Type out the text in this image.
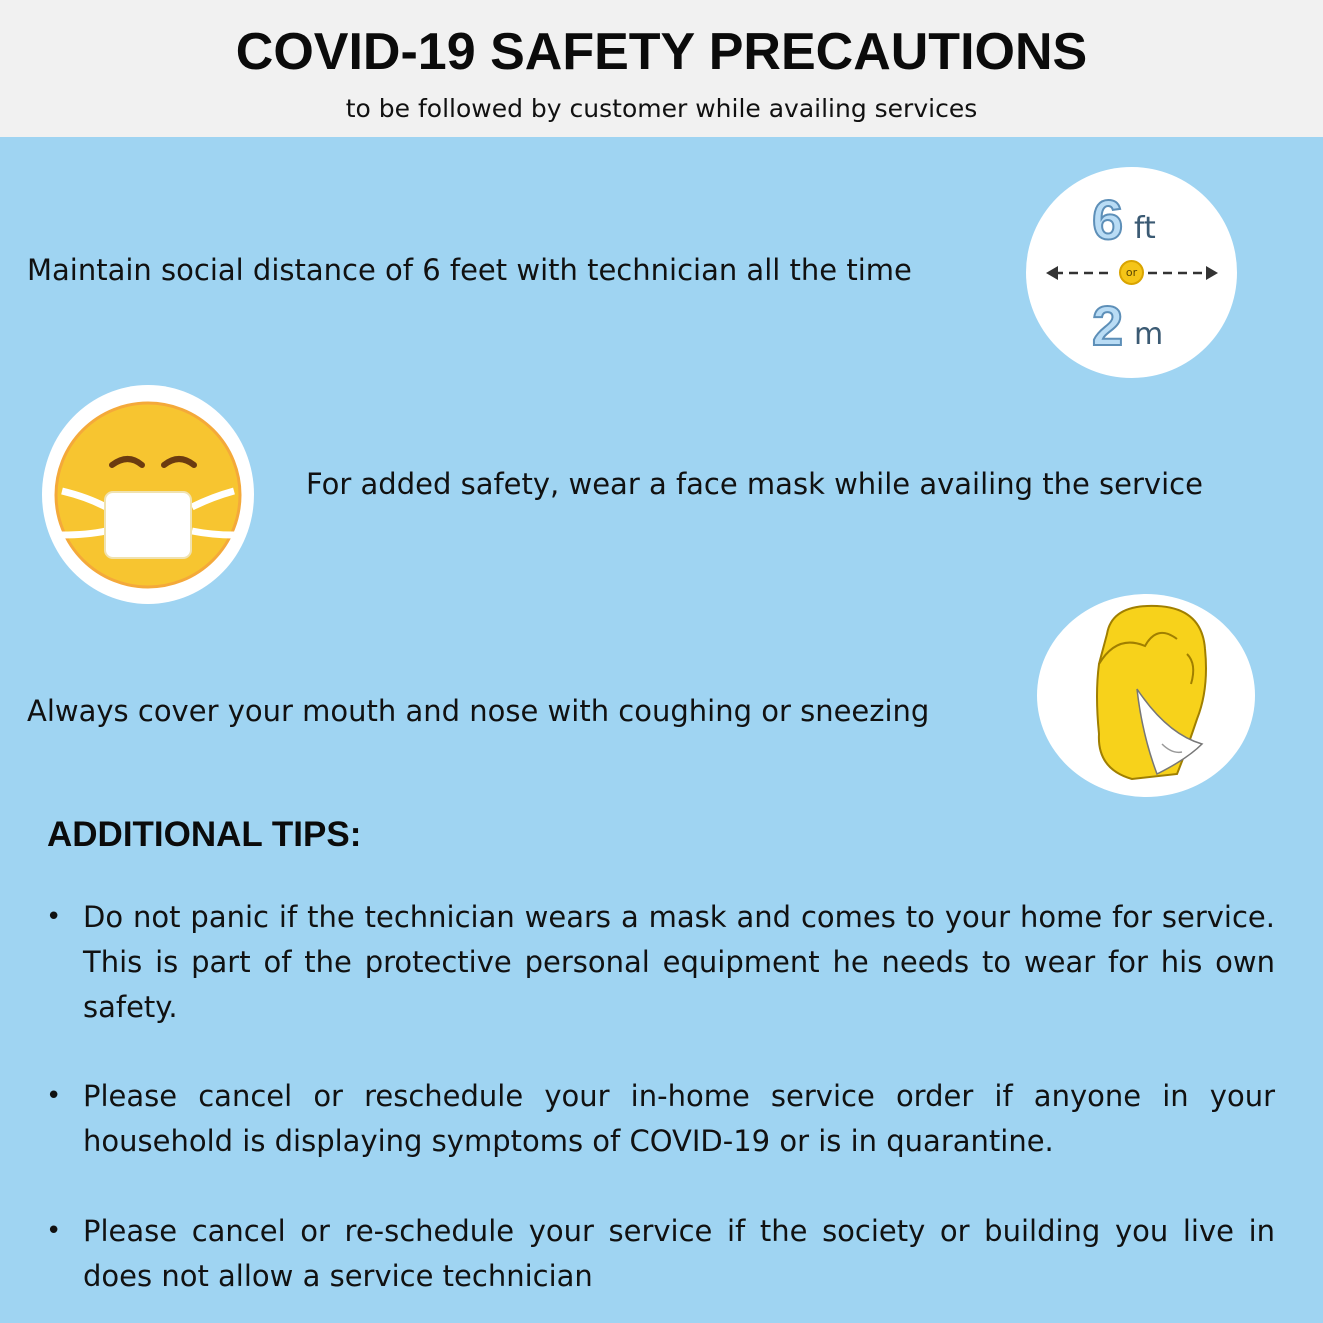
COVID-19 SAFETY PRECAUTIONS
to be followed by customer while availing services
Maintain social distance of 6 feet with technician all the time
6 ft
or
2 m
For added safety, wear a face mask while availing the service
Always cover your mouth and nose with coughing or sneezing
ADDITIONAL TIPS:
• Do not panic if the technician wears a mask and comes to your home for service. This is part of the protective personal equipment he needs to wear for his own safety.
• Please cancel or reschedule your in-home service order if anyone in your household is displaying symptoms of COVID-19 or is in quarantine.
• Please cancel or re-schedule your service if the society or building you live in does not allow a service technician
